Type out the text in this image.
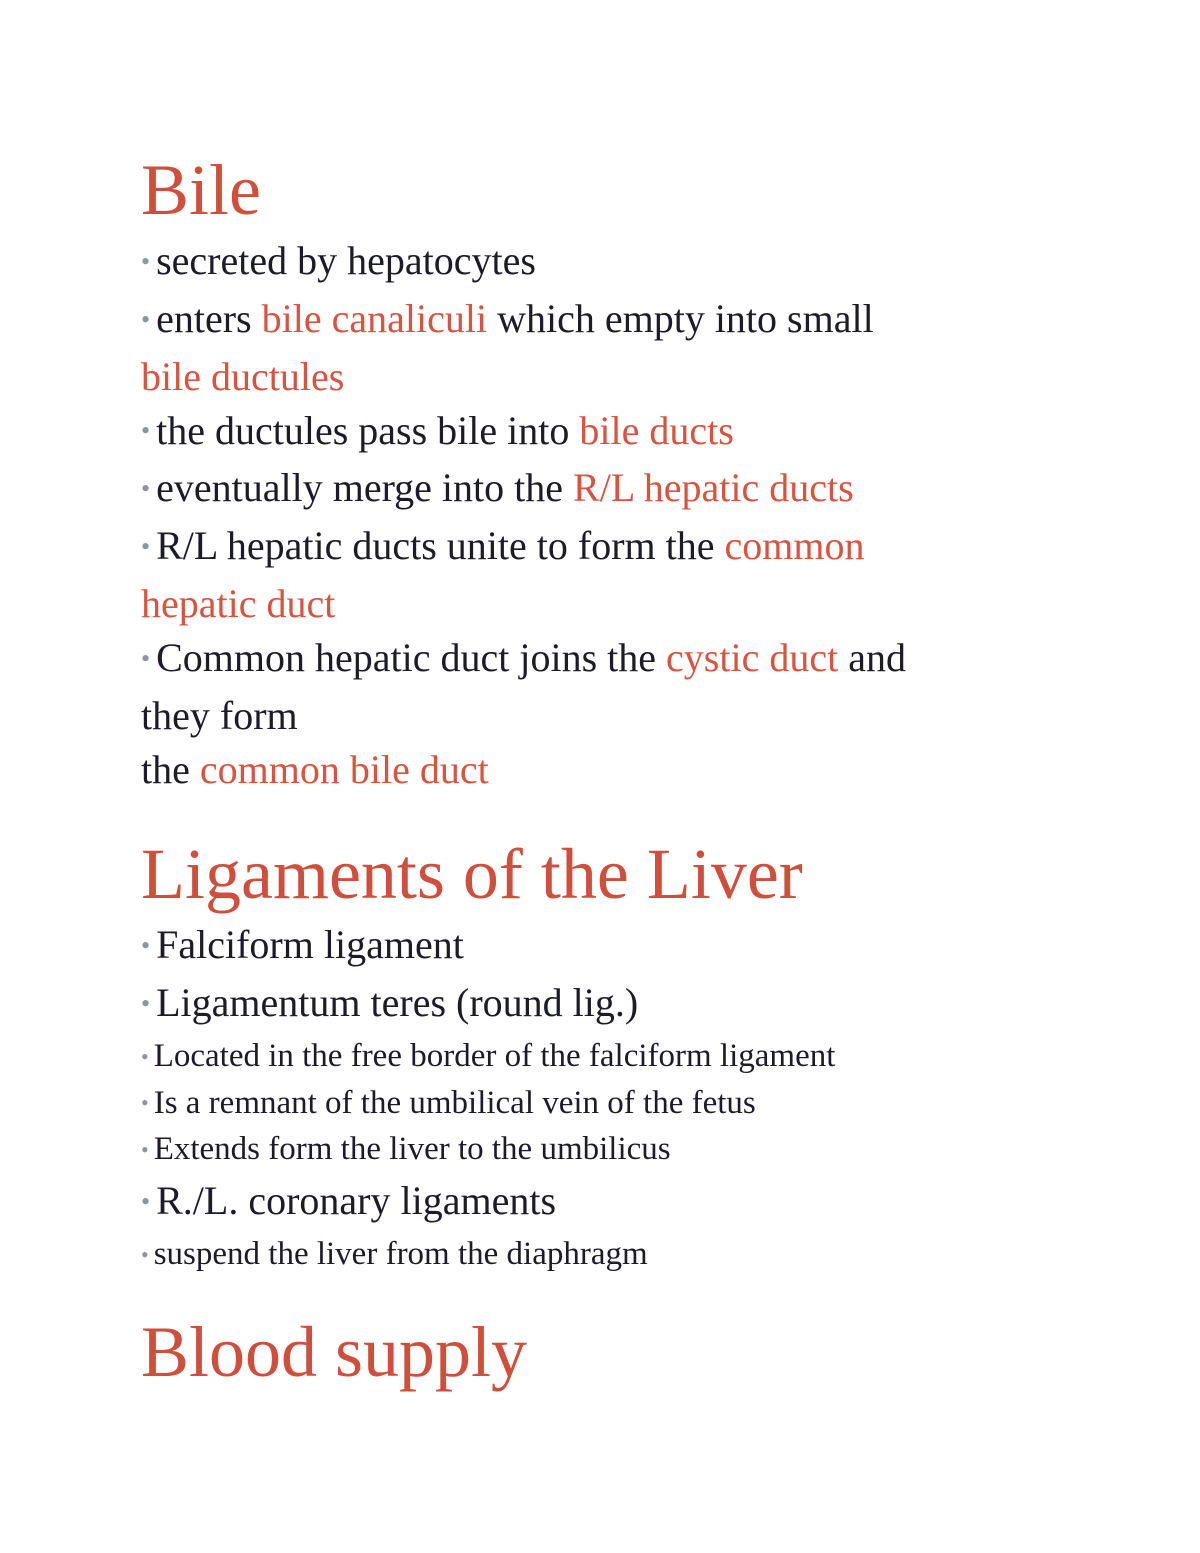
Bile
• secreted by hepatocytes
• enters bile canaliculi which empty into small
bile ductules
• the ductules pass bile into bile ducts
• eventually merge into the R/L hepatic ducts
• R/L hepatic ducts unite to form the common
hepatic duct
• Common hepatic duct joins the cystic duct and
they form
the common bile duct
Ligaments of the Liver
• Falciform ligament
• Ligamentum teres (round lig.)
• Located in the free border of the falciform ligament
• Is a remnant of the umbilical vein of the fetus
• Extends form the liver to the umbilicus
• R./L. coronary ligaments
• suspend the liver from the diaphragm
Blood supply
